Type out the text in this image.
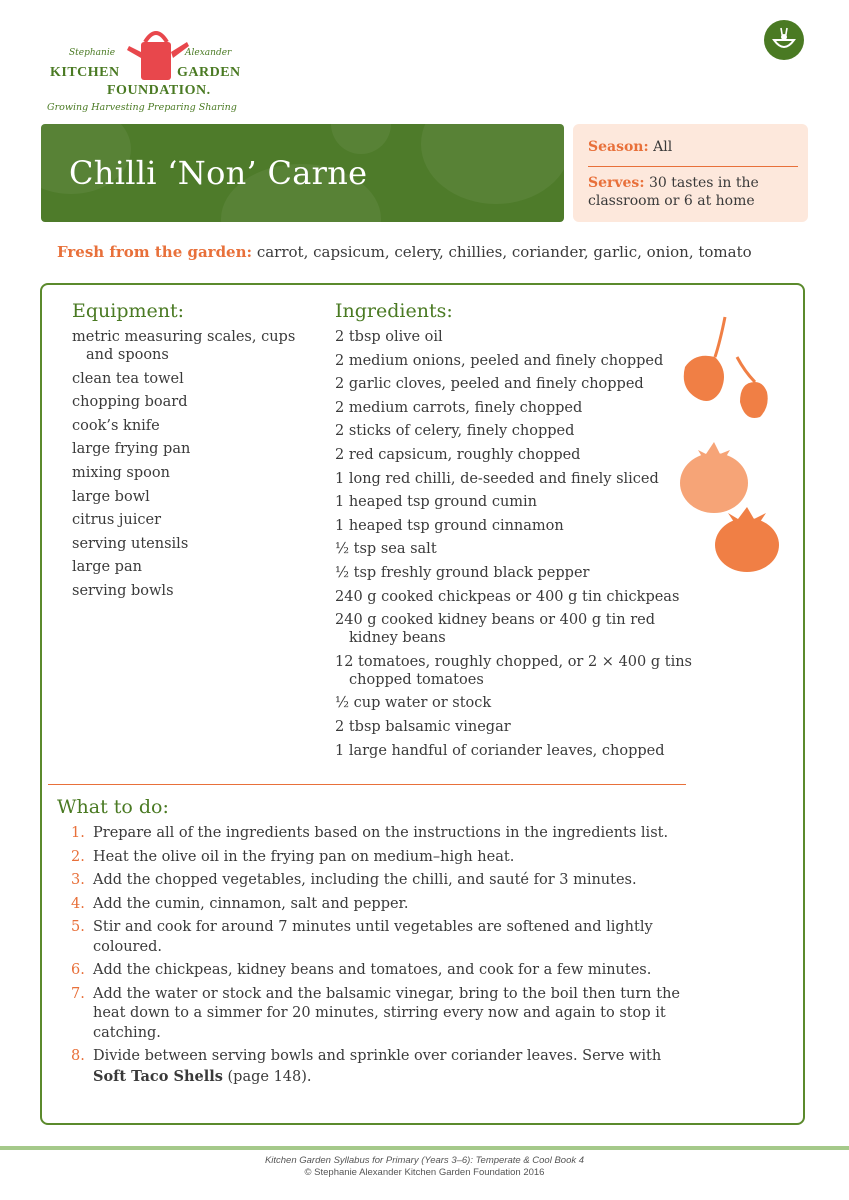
Stephanie	Alexander
KITCHEN	GARDEN
FOUNDATION.
Growing Harvesting Preparing Sharing
Chilli ‘Non’ Carne
Season: All
Serves: 30 tastes in the classroom or 6 at home
Fresh from the garden: carrot, capsicum, celery, chillies, coriander, garlic, onion, tomato
Equipment:
metric measuring scales, cups and spoons
clean tea towel
chopping board
cook’s knife
large frying pan
mixing spoon
large bowl
citrus juicer
serving utensils
large pan
serving bowls
Ingredients:
2 tbsp olive oil
2 medium onions, peeled and finely chopped
2 garlic cloves, peeled and finely chopped
2 medium carrots, finely chopped
2 sticks of celery, finely chopped
2 red capsicum, roughly chopped
1 long red chilli, de-seeded and finely sliced
1 heaped tsp ground cumin
1 heaped tsp ground cinnamon
½ tsp sea salt
½ tsp freshly ground black pepper
240 g cooked chickpeas or 400 g tin chickpeas
240 g cooked kidney beans or 400 g tin red kidney beans
12 tomatoes, roughly chopped, or 2 × 400 g tins chopped tomatoes
½ cup water or stock
2 tbsp balsamic vinegar
1 large handful of coriander leaves, chopped
What to do:
1. Prepare all of the ingredients based on the instructions in the ingredients list.
2. Heat the olive oil in the frying pan on medium–high heat.
3. Add the chopped vegetables, including the chilli, and sauté for 3 minutes.
4. Add the cumin, cinnamon, salt and pepper.
5. Stir and cook for around 7 minutes until vegetables are softened and lightly coloured.
6. Add the chickpeas, kidney beans and tomatoes, and cook for a few minutes.
7. Add the water or stock and the balsamic vinegar, bring to the boil then turn the heat down to a simmer for 20 minutes, stirring every now and again to stop it catching.
8. Divide between serving bowls and sprinkle over coriander leaves. Serve with
Soft Taco Shells (page 148).
Kitchen Garden Syllabus for Primary (Years 3–6): Temperate & Cool Book 4
© Stephanie Alexander Kitchen Garden Foundation 2016
